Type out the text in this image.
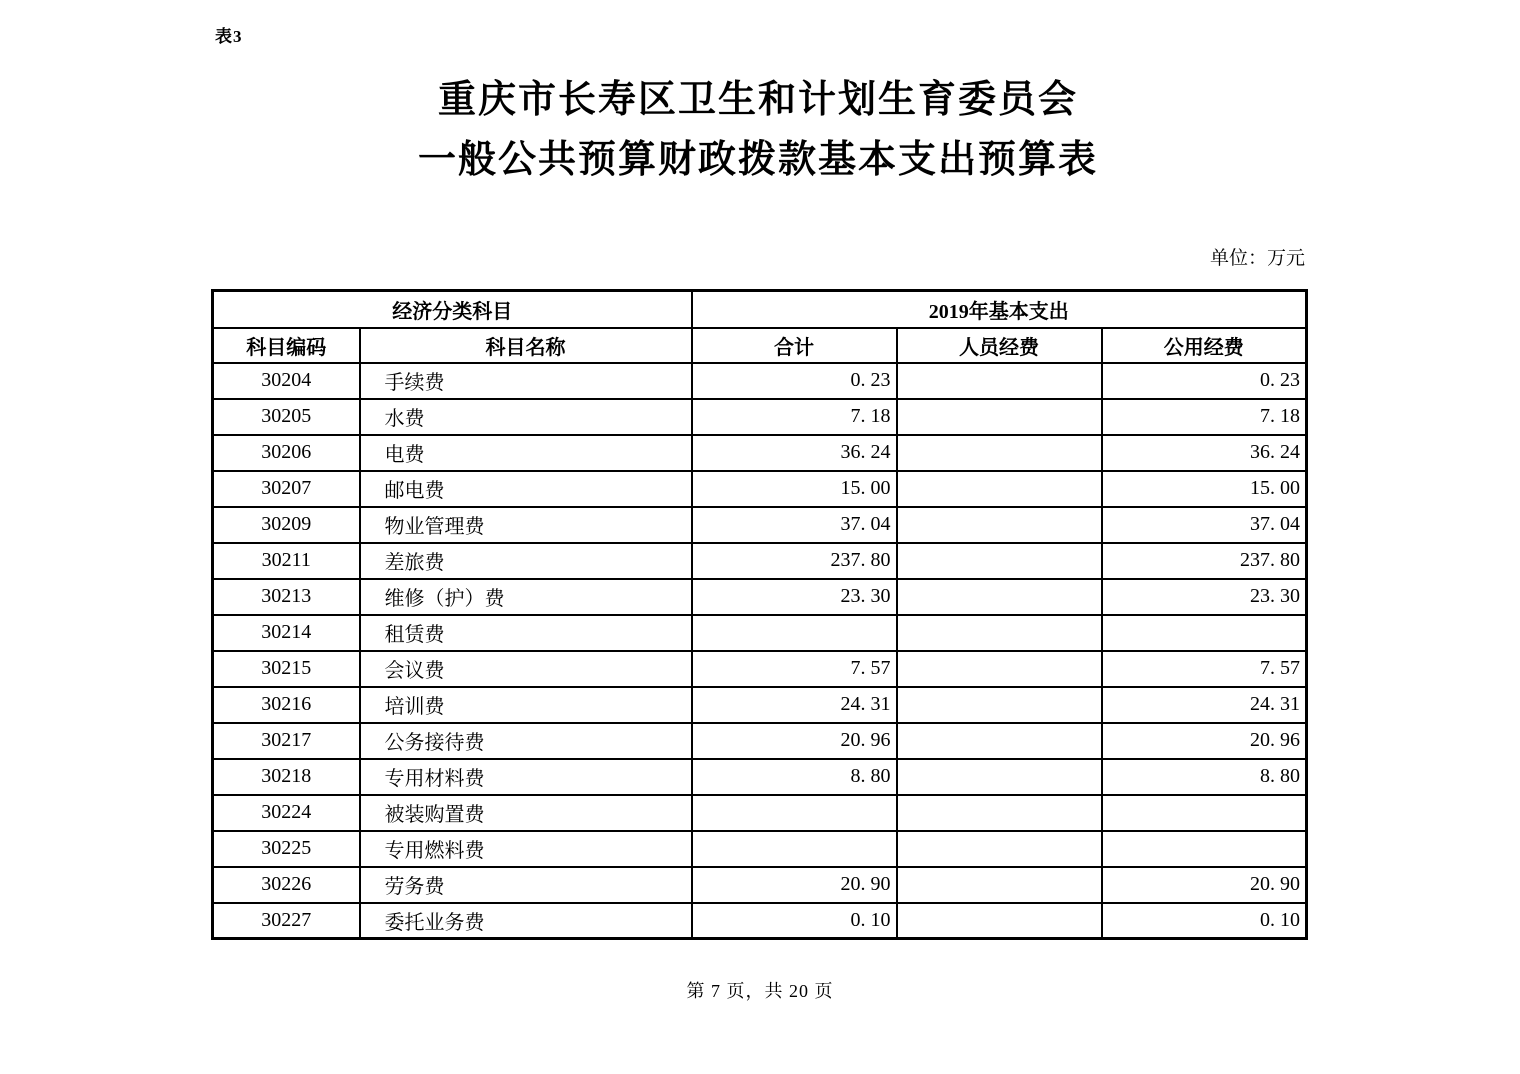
表3
重庆市长寿区卫生和计划生育委员会
一般公共预算财政拨款基本支出预算表
单位：万元
经济分类科目		2019年基本支出		
科目编码	科目名称	合计	人员经费	公用经费
30204	手续费	0. 23		0. 23
30205	水费	7. 18		7. 18
30206	电费	36. 24		36. 24
30207	邮电费	15. 00		15. 00
30209	物业管理费	37. 04		37. 04
30211	差旅费	237. 80		237. 80
30213	维修（护）费	23. 30		23. 30
30214	租赁费			
30215	会议费	7. 57		7. 57
30216	培训费	24. 31		24. 31
30217	公务接待费	20. 96		20. 96
30218	专用材料费	8. 80		8. 80
30224	被装购置费			
30225	专用燃料费			
30226	劳务费	20. 90		20. 90
30227	委托业务费	0. 10		0. 10
第 7 页，共 20 页
